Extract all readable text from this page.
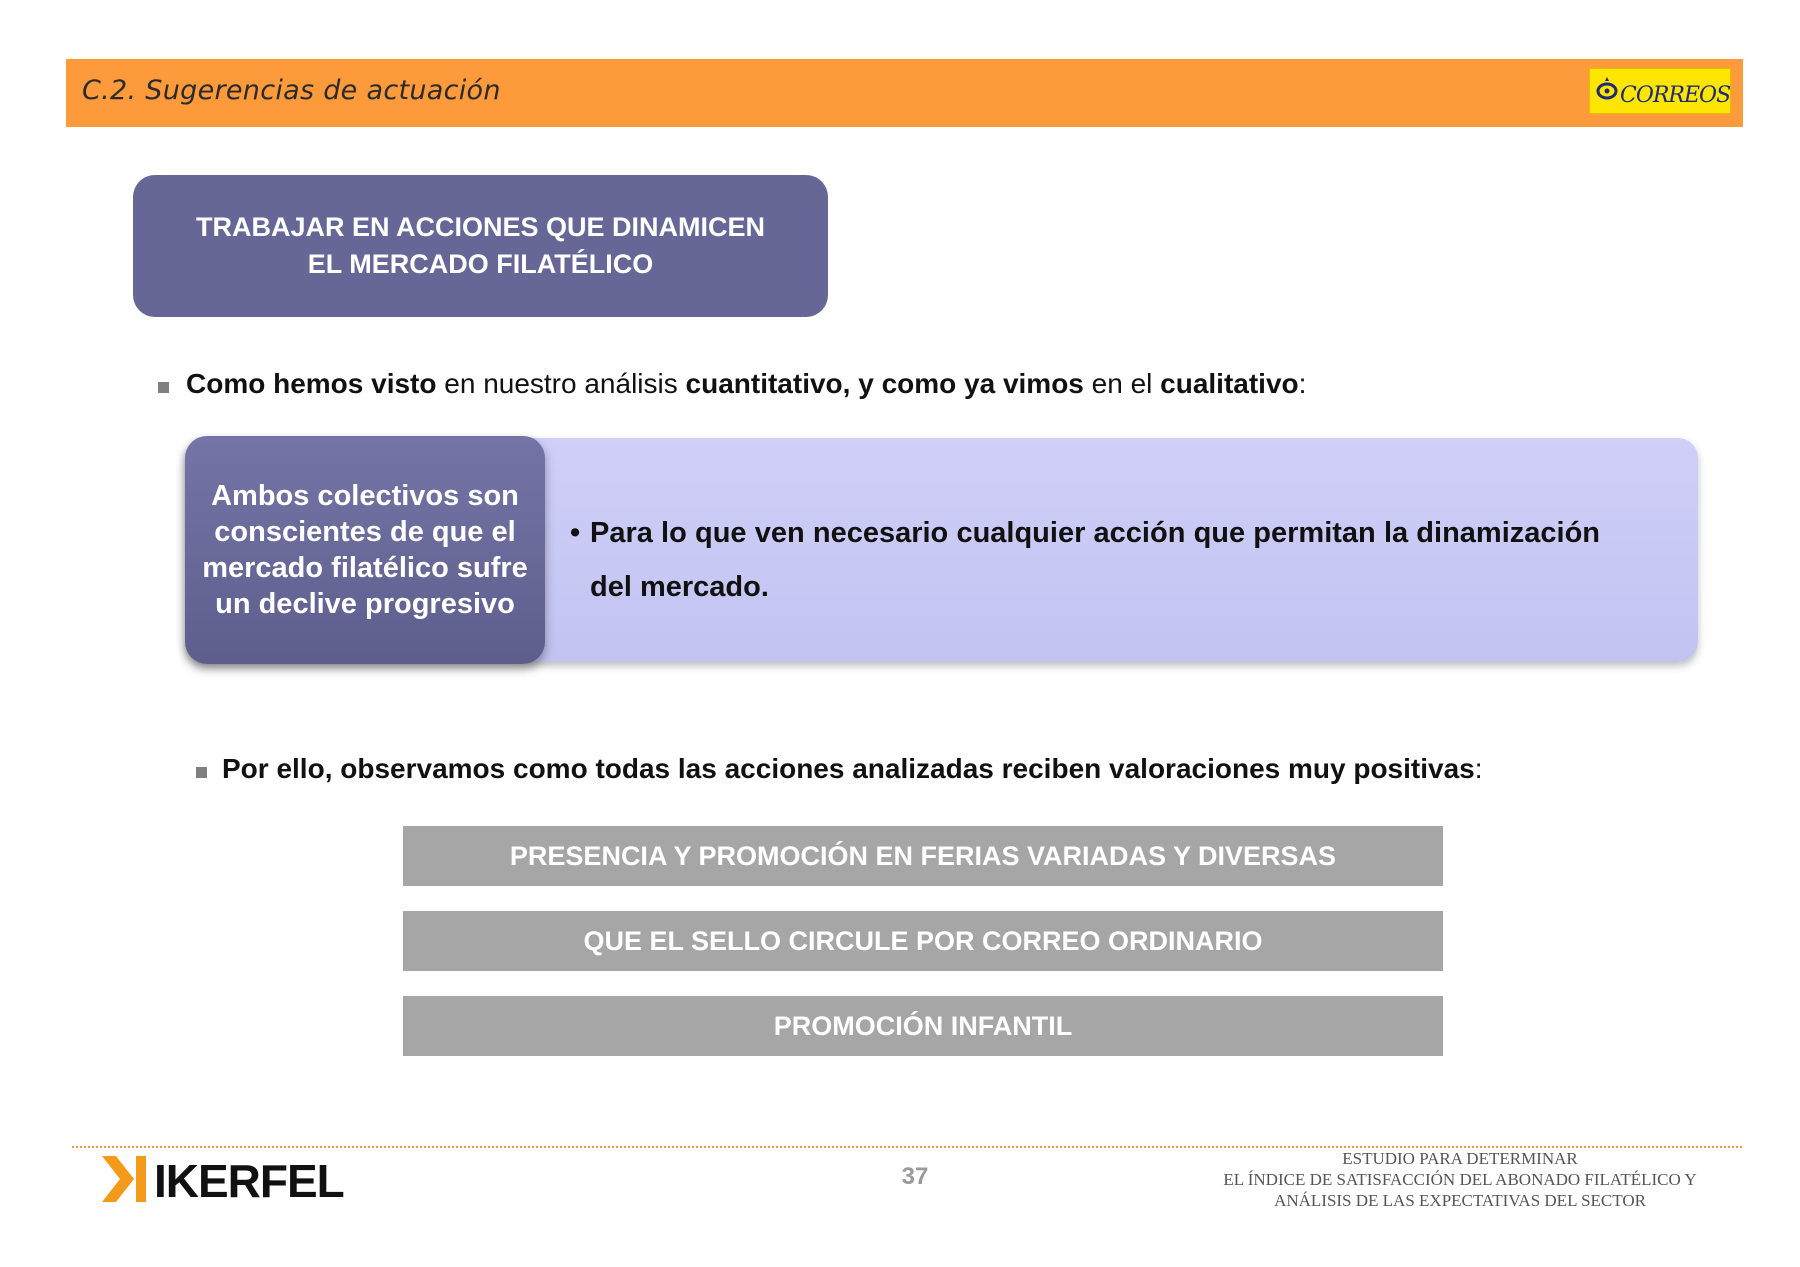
C.2. Sugerencias de actuación	CORREOS
TRABAJAR EN ACCIONES QUE DINAMICEN
EL MERCADO FILATÉLICO
Como hemos visto en nuestro análisis cuantitativo, y como ya vimos en el cualitativo:
Ambos colectivos son conscientes de que el mercado filatélico sufre un declive progresivo
• Para lo que ven necesario cualquier acción que permitan la dinamización del mercado.
Por ello, observamos como todas las acciones analizadas reciben valoraciones muy positivas:
PRESENCIA Y PROMOCIÓN EN FERIAS VARIADAS Y DIVERSAS
QUE EL SELLO CIRCULE POR CORREO ORDINARIO
PROMOCIÓN INFANTIL
IKERFEL	37
ESTUDIO PARA DETERMINAR
EL ÍNDICE DE SATISFACCIÓN DEL ABONADO FILATÉLICO Y
ANÁLISIS DE LAS EXPECTATIVAS DEL SECTOR
